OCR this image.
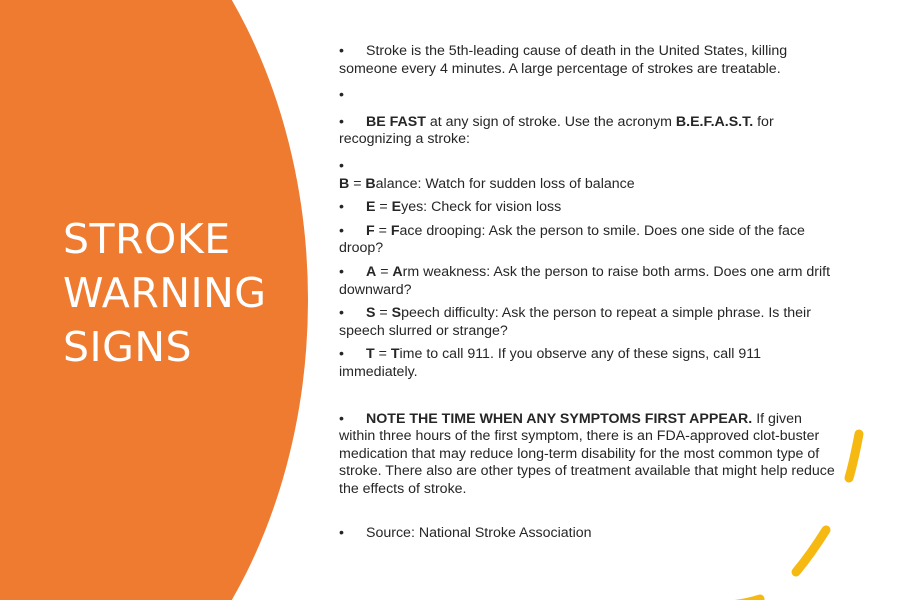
STROKE
WARNING
SIGNS

• Stroke is the 5th-leading cause of death in the United States, killing someone every 4 minutes. A large percentage of strokes are treatable.

•

• BE FAST at any sign of stroke. Use the acronym B.E.F.A.S.T. for recognizing a stroke:

•

B = Balance: Watch for sudden loss of balance

• E = Eyes: Check for vision loss

• F = Face drooping: Ask the person to smile. Does one side of the face droop?

• A = Arm weakness: Ask the person to raise both arms. Does one arm drift downward?

• S = Speech difficulty: Ask the person to repeat a simple phrase. Is their speech slurred or strange?

• T = Time to call 911. If you observe any of these signs, call 911 immediately.

• NOTE THE TIME WHEN ANY SYMPTOMS FIRST APPEAR. If given within three hours of the first symptom, there is an FDA-approved clot-buster medication that may reduce long-term disability for the most common type of stroke. There also are other types of treatment available that might help reduce the effects of stroke.

• Source: National Stroke Association
